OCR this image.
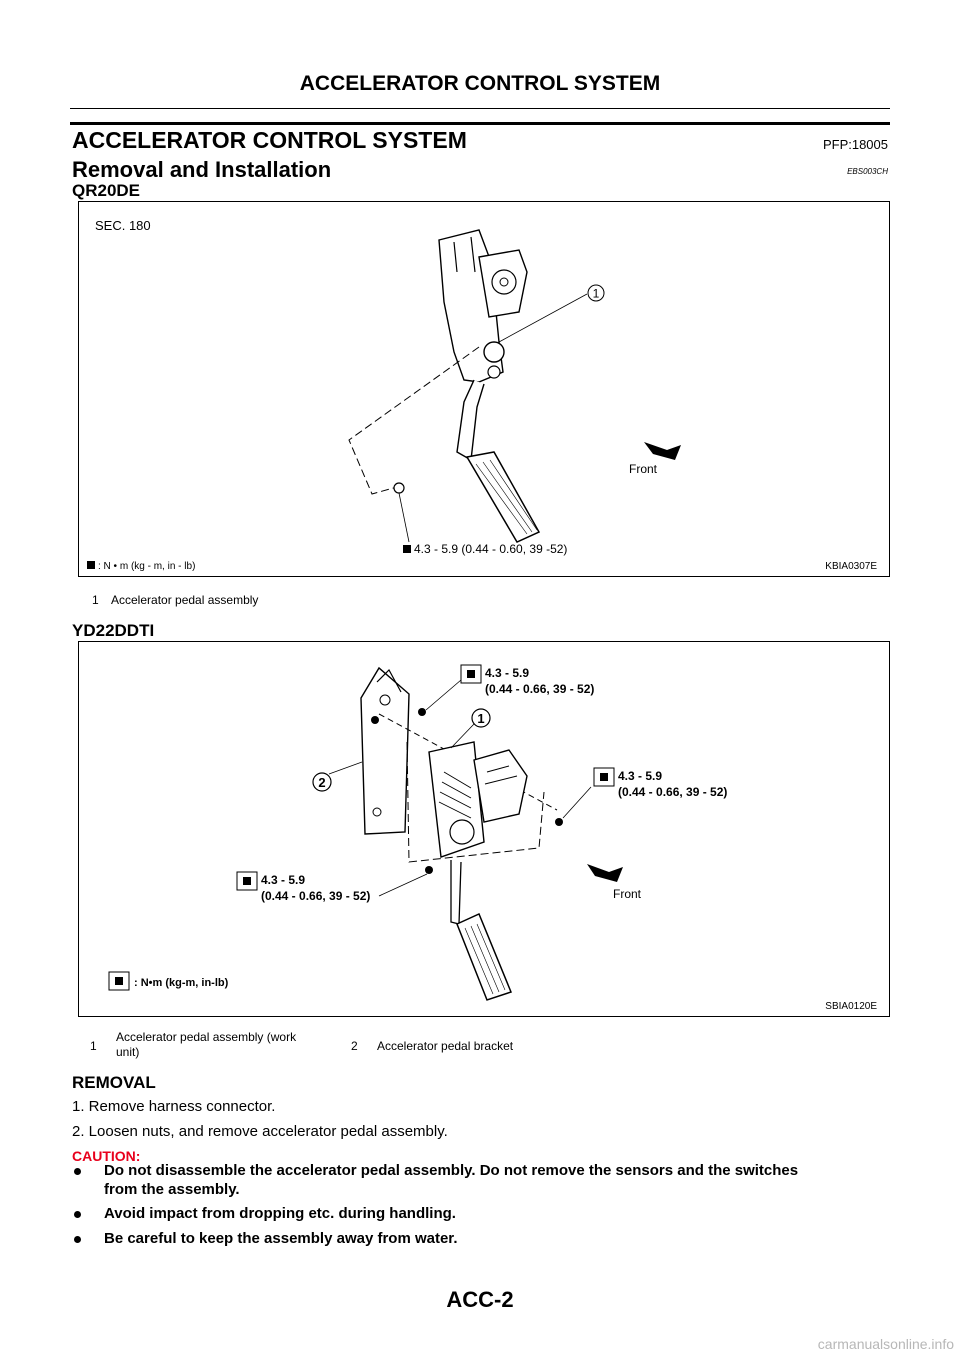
ACCELERATOR CONTROL SYSTEM
ACCELERATOR CONTROL SYSTEM	PFP:18005
Removal and Installation	EBS003CH
QR20DE
SEC. 180
1
Front
4.3 - 5.9 (0.44 - 0.60, 39 -52)
: N • m (kg - m, in - lb)	KBIA0307E
1 Accelerator pedal assembly
YD22DDTI
4.3 - 5.9
(0.44 - 0.66, 39 - 52)
4.3 - 5.9
(0.44 - 0.66, 39 - 52)
4.3 - 5.9
(0.44 - 0.66, 39 - 52)
1
2
Front
: N•m (kg-m, in-lb)
SBIA0120E
1
Accelerator pedal assembly (work
unit)	2 Accelerator pedal bracket
REMOVAL
1. Remove harness connector.
2. Loosen nuts, and remove accelerator pedal assembly.
CAUTION:
Do not disassemble the accelerator pedal assembly. Do not remove the sensors and the switches
from the assembly.
Avoid impact from dropping etc. during handling.
Be careful to keep the assembly away from water.
ACC-2
carmanualsonline.info
